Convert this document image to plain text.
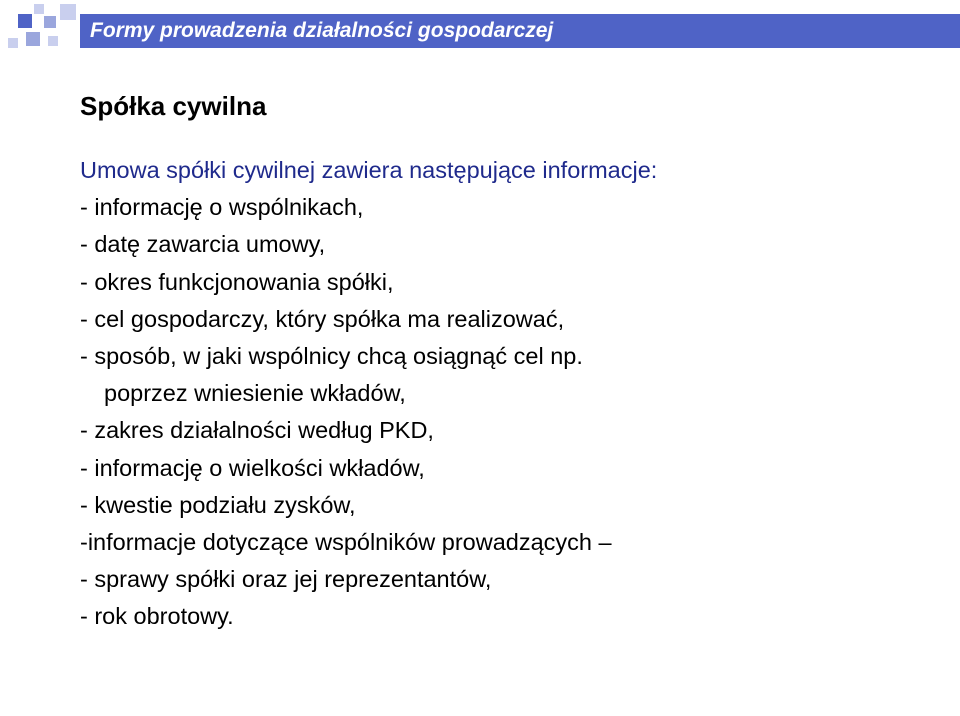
Formy prowadzenia działalności gospodarczej
Spółka cywilna
Umowa spółki cywilnej zawiera następujące informacje:
- informację o wspólnikach,
- datę zawarcia umowy,
- okres funkcjonowania spółki,
- cel gospodarczy, który spółka ma realizować,
- sposób, w jaki wspólnicy chcą osiągnąć cel np.
poprzez wniesienie wkładów,
- zakres działalności według PKD,
- informację o wielkości wkładów,
- kwestie podziału zysków,
-informacje dotyczące wspólników prowadzących –
- sprawy spółki oraz jej reprezentantów,
- rok obrotowy.
